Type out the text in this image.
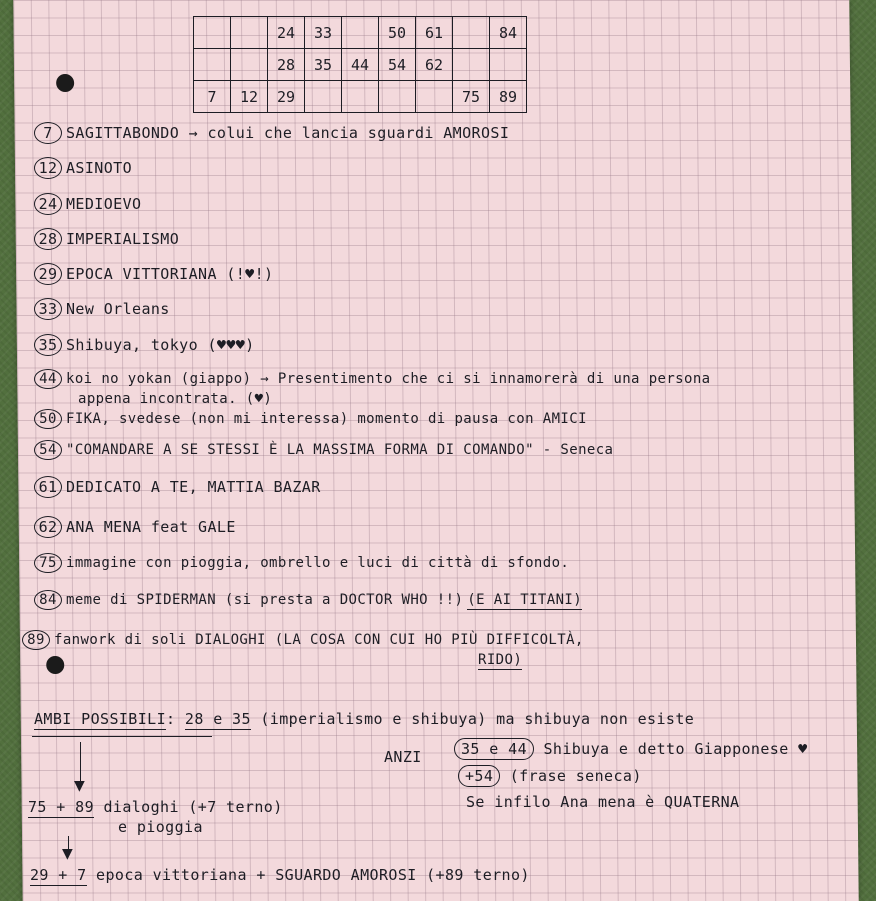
		24	33		50	61		84
		28	35	44	54	62		
7	12	29					75	89
7 SAGITTABONDO → colui che lancia sguardi AMOROSI
12 ASINOTO
24 MEDIOEVO
28 IMPERIALISMO
29 EPOCA VITTORIANA (!♥!)
33 New Orleans
35 Shibuya, tokyo (♥♥♥)
44 koi no yokan (giappo) → Presentimento che ci si innamorerà di una persona
appena incontrata. (♥)
50 FIKA, svedese (non mi interessa) momento di pausa con AMICI
54 "COMANDARE A SE STESSI È LA MASSIMA FORMA DI COMANDO" - Seneca
61 DEDICATO A TE, MATTIA BAZAR
62 ANA MENA feat GALE
75 immagine con pioggia, ombrello e luci di città di sfondo.
84 meme di SPIDERMAN (si presta a DOCTOR WHO !!) (E AI TITANI)
89 fanwork di soli DIALOGHI (LA COSA CON CUI HO PIÙ DIFFICOLTÀ,
RIDO)
AMBI POSSIBILI: 28 e 35 (imperialismo e shibuya) ma shibuya non esiste
ANZI	35 e 44 Shibuya e detto Giapponese ♥
+54 (frase seneca)
Se infilo Ana mena è QUATERNA
▼
75 + 89 dialoghi (+7 terno)
e pioggia
▼
29 + 7 epoca vittoriana + SGUARDO AMOROSI (+89 terno)
